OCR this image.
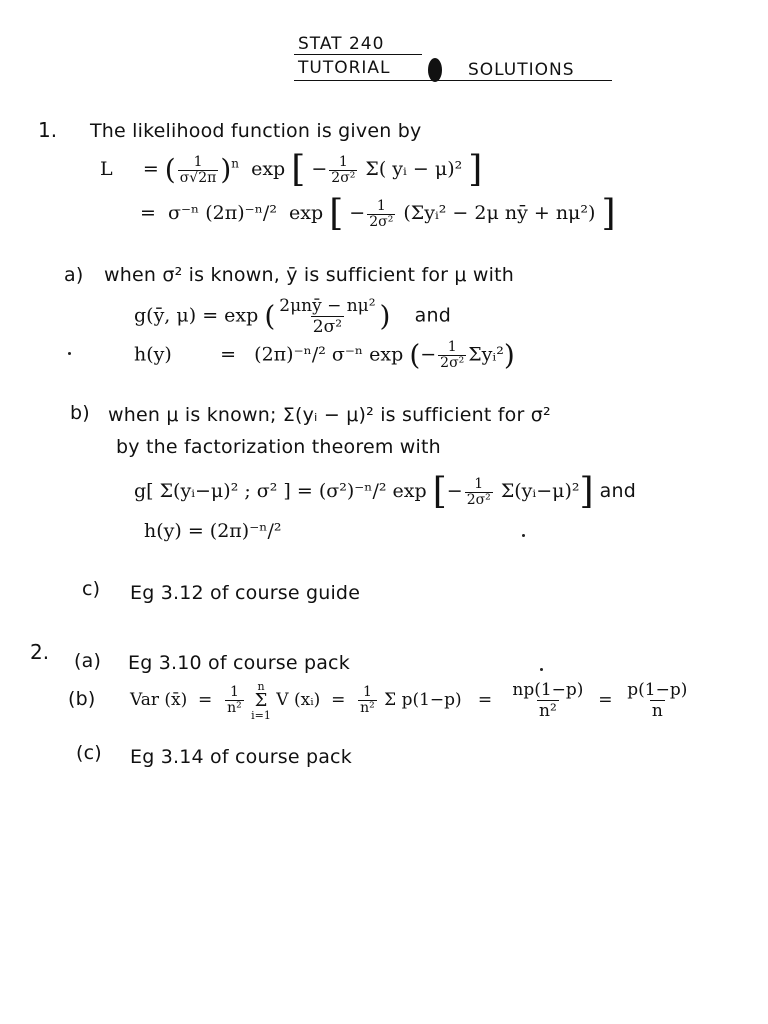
STAT 240
TUTORIAL	SOLUTIONS
1. The likelihood function is given by
L = ( $\frac{1}{\sigma√2\pi} )^n$ exp [ − $\frac{1}{\text{2σ²}} \Sigma$( yᵢ − μ)² ]
= σ⁻ⁿ (2π)⁻ⁿ/² exp [ − $\frac{1}{\text{2σ²}}$ (Σyᵢ² − 2μ nȳ + nμ²) ]
a) when σ² is known, ȳ is sufficient for μ with
g(ȳ, μ) = exp ( $\frac{\text{2μnȳ − nμ²}}{\text{2σ²}}$ ) and
h(y)	= (2π)⁻ⁿ/² σ⁻ⁿ exp (− $\frac{1}{\text{2σ²}}$ Σyᵢ²)
b) when μ is known; Σ(yᵢ − μ)² is sufficient for σ²
by the factorization theorem with
g[ Σ(yᵢ−μ)² ; σ² ] = (σ²)⁻ⁿ/² exp [− $\frac{1}{\text{2σ²}}$ Σ(yᵢ−μ)²] and
h(y) = (2π)⁻ⁿ/²
c) Eg 3.12 of course guide
2. (a) Eg 3.10 of course pack
(b) Var (x̄) = $\frac{1}{\text{n²}}$
n
Σ
i=1
V (xᵢ) = $\frac{1}{\text{n²}}$ Σ $p(1-p) = \frac{np(1-p)}{\text{n²}} = \frac{p(1-p)}{n}$
(c) Eg 3.14 of course pack
